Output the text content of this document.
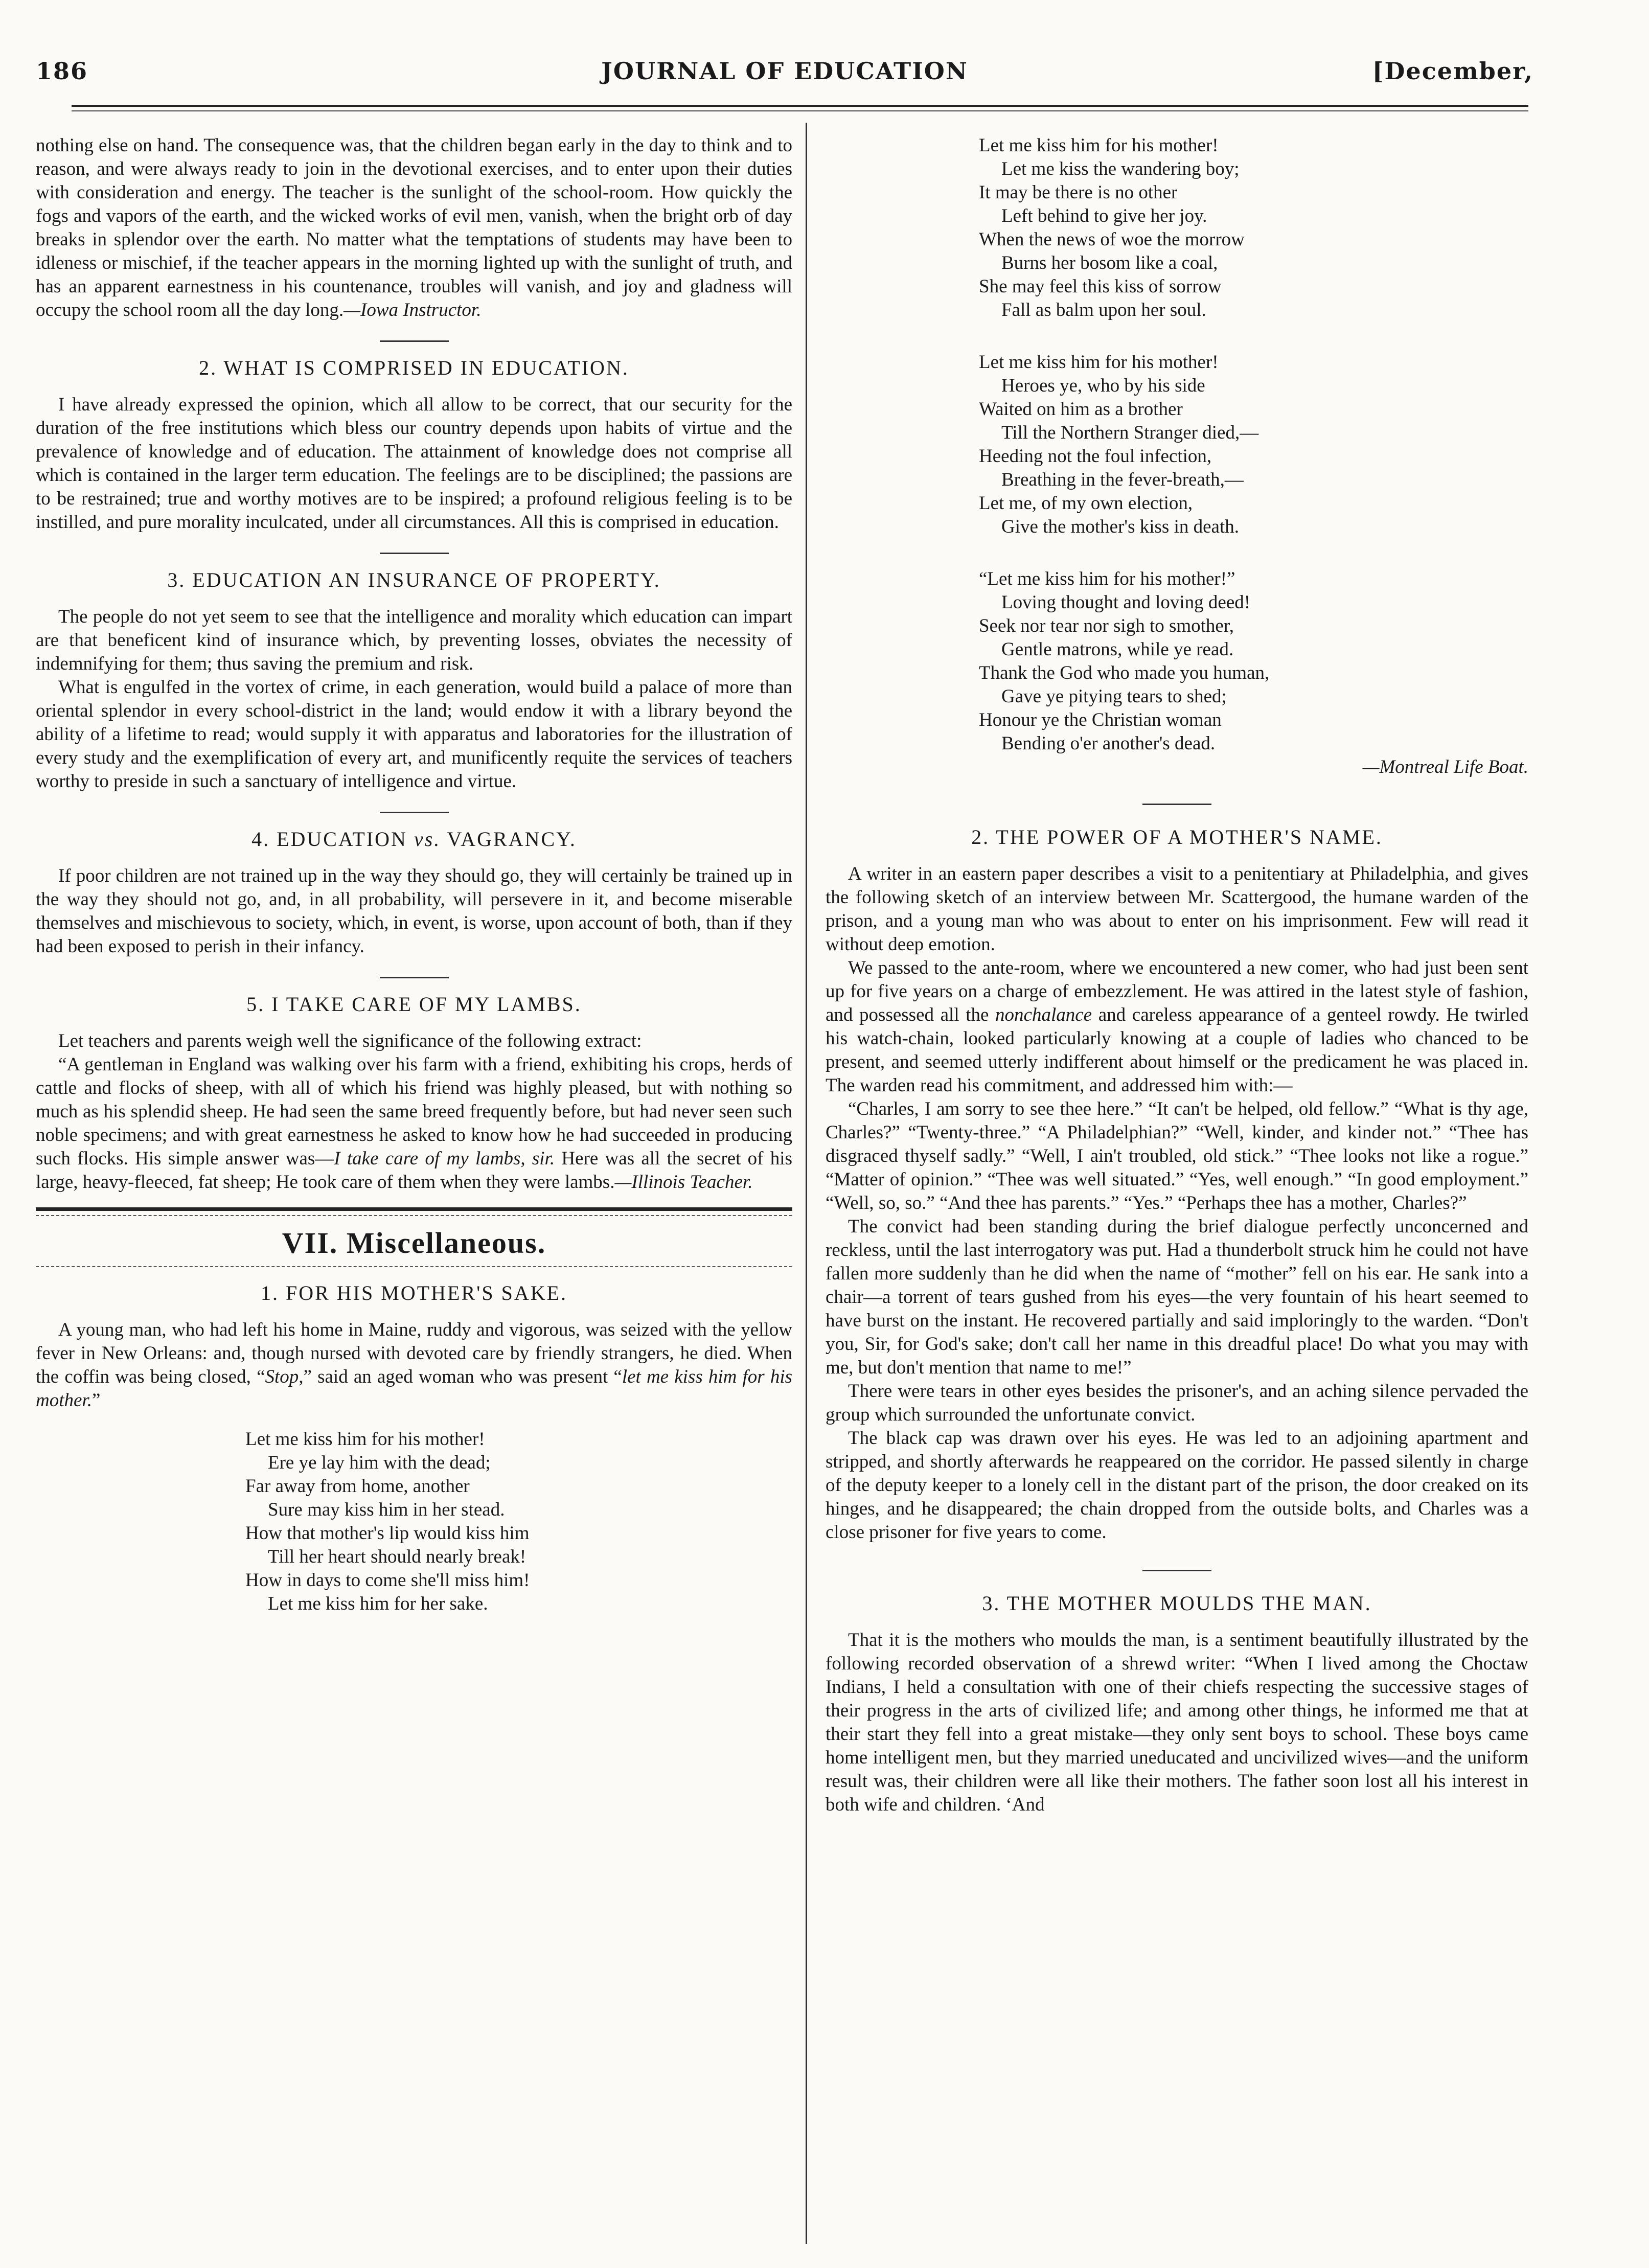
186	JOURNAL OF EDUCATION	[December,

nothing else on hand. The consequence was, that the children began early in the day to think and to reason, and were always ready to join in the devotional exercises, and to enter upon their duties with consideration and energy. The teacher is the sunlight of the school-room. How quickly the fogs and vapors of the earth, and the wicked works of evil men, vanish, when the bright orb of day breaks in splendor over the earth. No matter what the temptations of students may have been to idleness or mischief, if the teacher appears in the morning lighted up with the sunlight of truth, and has an apparent earnestness in his countenance, troubles will vanish, and joy and gladness will occupy the school room all the day long.—Iowa Instructor.

2. WHAT IS COMPRISED IN EDUCATION.

I have already expressed the opinion, which all allow to be correct, that our security for the duration of the free institutions which bless our country depends upon habits of virtue and the prevalence of knowledge and of education. The attainment of knowledge does not comprise all which is contained in the larger term education. The feelings are to be disciplined; the passions are to be restrained; true and worthy motives are to be inspired; a profound religious feeling is to be instilled, and pure morality inculcated, under all circumstances. All this is comprised in education.

3. EDUCATION AN INSURANCE OF PROPERTY.

The people do not yet seem to see that the intelligence and morality which education can impart are that beneficent kind of insurance which, by preventing losses, obviates the necessity of indemnifying for them; thus saving the premium and risk.

What is engulfed in the vortex of crime, in each generation, would build a palace of more than oriental splendor in every school-district in the land; would endow it with a library beyond the ability of a lifetime to read; would supply it with apparatus and laboratories for the illustration of every study and the exemplification of every art, and munificently requite the services of teachers worthy to preside in such a sanctuary of intelligence and virtue.

4. EDUCATION vs. VAGRANCY.

If poor children are not trained up in the way they should go, they will certainly be trained up in the way they should not go, and, in all probability, will persevere in it, and become miserable themselves and mischievous to society, which, in event, is worse, upon account of both, than if they had been exposed to perish in their infancy.

5. I TAKE CARE OF MY LAMBS.

Let teachers and parents weigh well the significance of the following extract:

“A gentleman in England was walking over his farm with a friend, exhibiting his crops, herds of cattle and flocks of sheep, with all of which his friend was highly pleased, but with nothing so much as his splendid sheep. He had seen the same breed frequently before, but had never seen such noble specimens; and with great earnestness he asked to know how he had succeeded in producing such flocks. His simple answer was—I take care of my lambs, sir. Here was all the secret of his large, heavy-fleeced, fat sheep; He took care of them when they were lambs.—Illinois Teacher.

VII. Miscellaneous.
1. FOR HIS MOTHER'S SAKE.

A young man, who had left his home in Maine, ruddy and vigorous, was seized with the yellow fever in New Orleans: and, though nursed with devoted care by friendly strangers, he died. When the coffin was being closed, “Stop,” said an aged woman who was present “let me kiss him for his mother.”

Let me kiss him for his mother!
Ere ye lay him with the dead;
Far away from home, another
Sure may kiss him in her stead.
How that mother's lip would kiss him
Till her heart should nearly break!
How in days to come she'll miss him!
Let me kiss him for her sake.
Let me kiss him for his mother!
Let me kiss the wandering boy;
It may be there is no other
Left behind to give her joy.
When the news of woe the morrow
Burns her bosom like a coal,
She may feel this kiss of sorrow
Fall as balm upon her soul.
Let me kiss him for his mother!
Heroes ye, who by his side
Waited on him as a brother
Till the Northern Stranger died,—
Heeding not the foul infection,
Breathing in the fever-breath,—
Let me, of my own election,
Give the mother's kiss in death.
“Let me kiss him for his mother!”
Loving thought and loving deed!
Seek nor tear nor sigh to smother,
Gentle matrons, while ye read.
Thank the God who made you human,
Gave ye pitying tears to shed;
Honour ye the Christian woman
Bending o'er another's dead.

—Montreal Life Boat.

2. THE POWER OF A MOTHER'S NAME.

A writer in an eastern paper describes a visit to a penitentiary at Philadelphia, and gives the following sketch of an interview between Mr. Scattergood, the humane warden of the prison, and a young man who was about to enter on his imprisonment. Few will read it without deep emotion.

We passed to the ante-room, where we encountered a new comer, who had just been sent up for five years on a charge of embezzlement. He was attired in the latest style of fashion, and possessed all the nonchalance and careless appearance of a genteel rowdy. He twirled his watch-chain, looked particularly knowing at a couple of ladies who chanced to be present, and seemed utterly indifferent about himself or the predicament he was placed in. The warden read his commitment, and addressed him with:—

“Charles, I am sorry to see thee here.” “It can't be helped, old fellow.” “What is thy age, Charles?” “Twenty-three.” “A Philadelphian?” “Well, kinder, and kinder not.” “Thee has disgraced thyself sadly.” “Well, I ain't troubled, old stick.” “Thee looks not like a rogue.” “Matter of opinion.” “Thee was well situated.” “Yes, well enough.” “In good employment.” “Well, so, so.” “And thee has parents.” “Yes.” “Perhaps thee has a mother, Charles?”

The convict had been standing during the brief dialogue perfectly unconcerned and reckless, until the last interrogatory was put. Had a thunderbolt struck him he could not have fallen more suddenly than he did when the name of “mother” fell on his ear. He sank into a chair—a torrent of tears gushed from his eyes—the very fountain of his heart seemed to have burst on the instant. He recovered partially and said imploringly to the warden. “Don't you, Sir, for God's sake; don't call her name in this dreadful place! Do what you may with me, but don't mention that name to me!”

There were tears in other eyes besides the prisoner's, and an aching silence pervaded the group which surrounded the unfortunate convict.

The black cap was drawn over his eyes. He was led to an adjoining apartment and stripped, and shortly afterwards he reappeared on the corridor. He passed silently in charge of the deputy keeper to a lonely cell in the distant part of the prison, the door creaked on its hinges, and he disappeared; the chain dropped from the outside bolts, and Charles was a close prisoner for five years to come.

3. THE MOTHER MOULDS THE MAN.

That it is the mothers who moulds the man, is a sentiment beautifully illustrated by the following recorded observation of a shrewd writer: “When I lived among the Choctaw Indians, I held a consultation with one of their chiefs respecting the successive stages of their progress in the arts of civilized life; and among other things, he informed me that at their start they fell into a great mistake—they only sent boys to school. These boys came home intelligent men, but they married uneducated and uncivilized wives—and the uniform result was, their children were all like their mothers. The father soon lost all his interest in both wife and children. ‘And
